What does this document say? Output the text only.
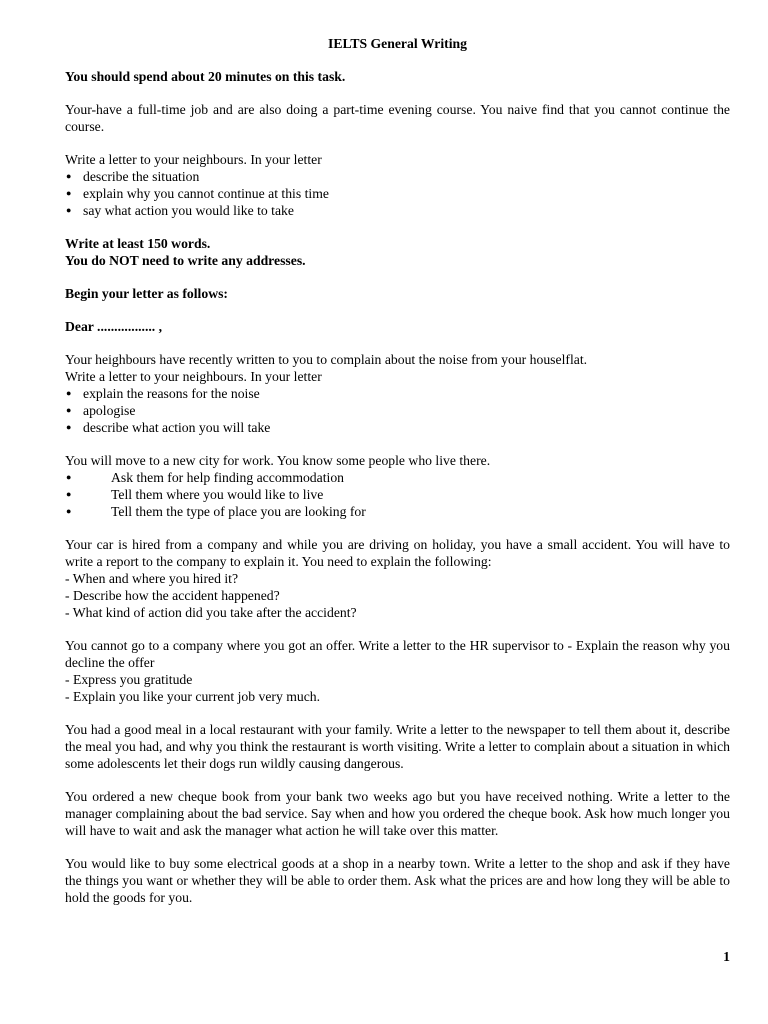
IELTS General Writing

You should spend about 20 minutes on this task.

Your-have a full-time job and are also doing a part-time evening course. You naive find that you cannot continue the course.

Write a letter to your neighbours. In your letter

● describe the situation
● explain why you cannot continue at this time
● say what action you would like to take

Write at least 150 words.

You do NOT need to write any addresses.

Begin your letter as follows:

Dear ................. ,

Your heighbours have recently written to you to complain about the noise from your houselflat.

Write a letter to your neighbours. In your letter

● explain the reasons for the noise
● apologise
● describe what action you will take

You will move to a new city for work. You know some people who live there.

● Ask them for help finding accommodation
● Tell them where you would like to live
● Tell them the type of place you are looking for

Your car is hired from a company and while you are driving on holiday, you have a small accident. You will have to write a report to the company to explain it. You need to explain the following:

- When and where you hired it?

- Describe how the accident happened?

- What kind of action did you take after the accident?

You cannot go to a company where you got an offer. Write a letter to the HR supervisor to - Explain the reason why you decline the offer

- Express you gratitude

- Explain you like your current job very much.

You had a good meal in a local restaurant with your family. Write a letter to the newspaper to tell them about it, describe the meal you had, and why you think the restaurant is worth visiting. Write a letter to complain about a situation in which some adolescents let their dogs run wildly causing dangerous.

You ordered a new cheque book from your bank two weeks ago but you have received nothing. Write a letter to the manager complaining about the bad service. Say when and how you ordered the cheque book. Ask how much longer you will have to wait and ask the manager what action he will take over this matter.

You would like to buy some electrical goods at a shop in a nearby town. Write a letter to the shop and ask if they have the things you want or whether they will be able to order them. Ask what the prices are and how long they will be able to hold the goods for you.

1
